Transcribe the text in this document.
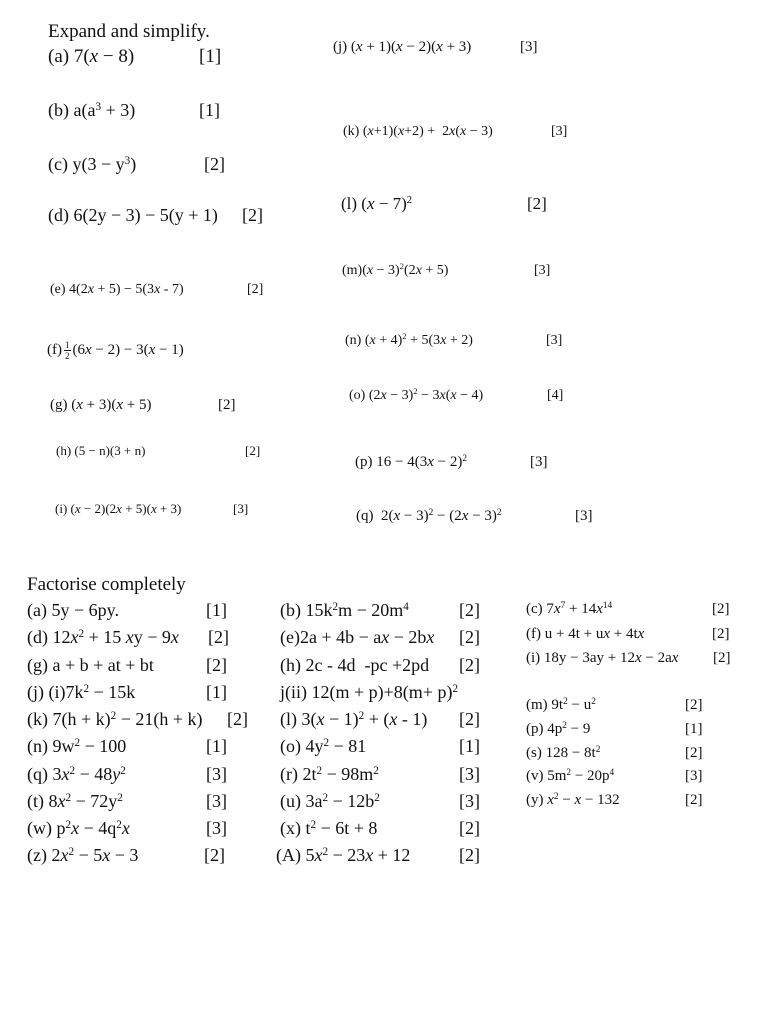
Expand and simplify.
(a) 7(x − 8)	[1]
(b) $a(a^3 + 3)$	[1]
(c) $y(3 - y^3)$	[2]
(d) 6(2y − 3) − 5(y + 1) [2]
(e) 4(2x + 5) − 5(3x - 7)	[2]
$(f) \frac{1}{2} (6x - 2) - 3(x - 1)$
(g) (x + 3)(x + 5)	[2]
(h) (5 − n)(3 + n)	[2]
(i) (x − 2)(2x + 5)(x + 3)	[3]
(j) (x + 1)(x − 2)(x + 3)	[3]
(k) (x+1)(x+2) +  2x(x − 3)	[3]
(l) $(x - 7)^2$	[2]
$(m)(x - 3)^2(2x + 5)$	[3]
(n) $(x + 4)^2 + 5(3x + 2)$	[3]
(o) $(2x - 3)^2 - 3x(x - 4)$	[4]
(p) $16 - 4(3x - 2)^2$	[3]
(q)  $2(x - 3)^2 - (2x - 3)^2$	[3]
Factorise completely
(a) 5y − 6py.	[1]
(d) $12x^2 + 15$ xy − 9x [2]
(g) a + b + at + bt	[2]
(j) $(i)7k^2 - 15k$	[1]
(k) $7(h + k)^2 - 21(h + k)$ [2]
(n) $9w^2 - 100$	[1]
(q) $3x^2 - 48y^2$	[3]
(t) $8x^2 - 72y^2$	[3]
(w) $p^2x - 4q^2x$	[3]
(z) $2x^2 - 5x - 3$	[2]
(b) $15k^2m - 20m^4$	[2]
(e)2a + 4b − ax − 2bx [2]
(h) 2c - 4d  -pc +2pd [2]
j(ii) $12(m + p)+8(m+ p)^2$
(l) $3(x - 1)^2 + (x - 1)$ [2]
(o) $4y^2 - 81$	[1]
(r) $2t^2 - 98m^2$	[3]
(u) $3a^2 - 12b^2$	[3]
(x) $t^2 - 6t + 8$	[2]
(A) $5x^2 - 23x + 12$	[2]
(c) $7x^7 + 14x^{14}$	[2]
(f) u + 4t + ux + 4tx	[2]
(i) 18y − 3ay + 12x − 2ax [2]
(m) $9t^2 - u^2$	[2]
(p) $4p^2 - 9$	[1]
(s) $128 - 8t^2$	[2]
(v) $5m^2 - 20p^4$	[3]
(y) $x^2 - x - 132$	[2]
